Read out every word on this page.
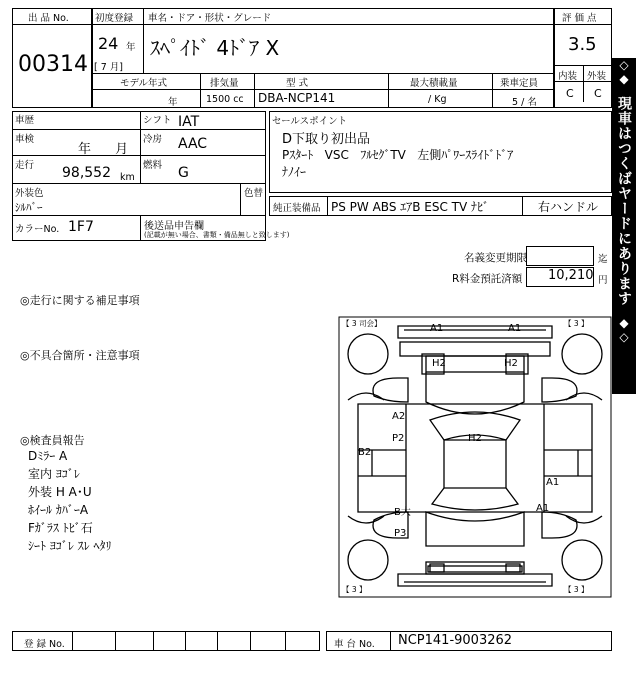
出 品 No.
00314
初度登録 車名・ドア・形状・グレード
24 年
[ 7 月]
ｽﾍﾟｲﾄﾞ 4ﾄﾞｱ X
評 価 点
3.5
内装 外装
C C
モデル年式
年
排気量
1500 cc
型 式
DBA-NCP141
最大積載量
/ Kg
乗車定員
5 / 名
車歴
車検
年 月
走行 98,552 km
シフト IAT
冷房 AAC
燃料 G
外装色
ｼﾙﾊﾞｰ
色替
カラーNo. 1F7	後送品申告欄
(記載が無い場合、書類・備品無しと致します)
セールスポイント
D下取り初出品
Pｽﾀｰﾄ   VSC   ﾌﾙｾｸﾞTV   左側ﾊﾟﾜｰｽﾗｲﾄﾞﾄﾞｱ
ﾅﾉｲｰ
純正装備品 PS PW ABS ｴｱB ESC TV ﾅﾋﾞ	右ハンドル
名義変更期限	迄
R料金預託済額 10,210 円
◎走行に関する補足事項
◎不具合箇所・注意事項
◎検査員報告
Dﾐﾗｰ A
室内 ﾖｺﾞﾚ
外装 H A･U
ﾎｲｰﾙ ｶﾊﾞｰA
Fｶﾞﾗｽ ﾄﾋﾞ石
ｼｰﾄ ﾖｺﾞﾚ ｽﾚ ﾍﾀﾘ
【 3 司会】	【 3 】
【 3 】	【 3 】
A1	A1
H2	H2
A2
P2	H2
B2
A1
B大	A1
P3
◇
◆
現車はつくばヤードにあります
◆
◇
登 録 No.	車 台 No. NCP141-9003262
